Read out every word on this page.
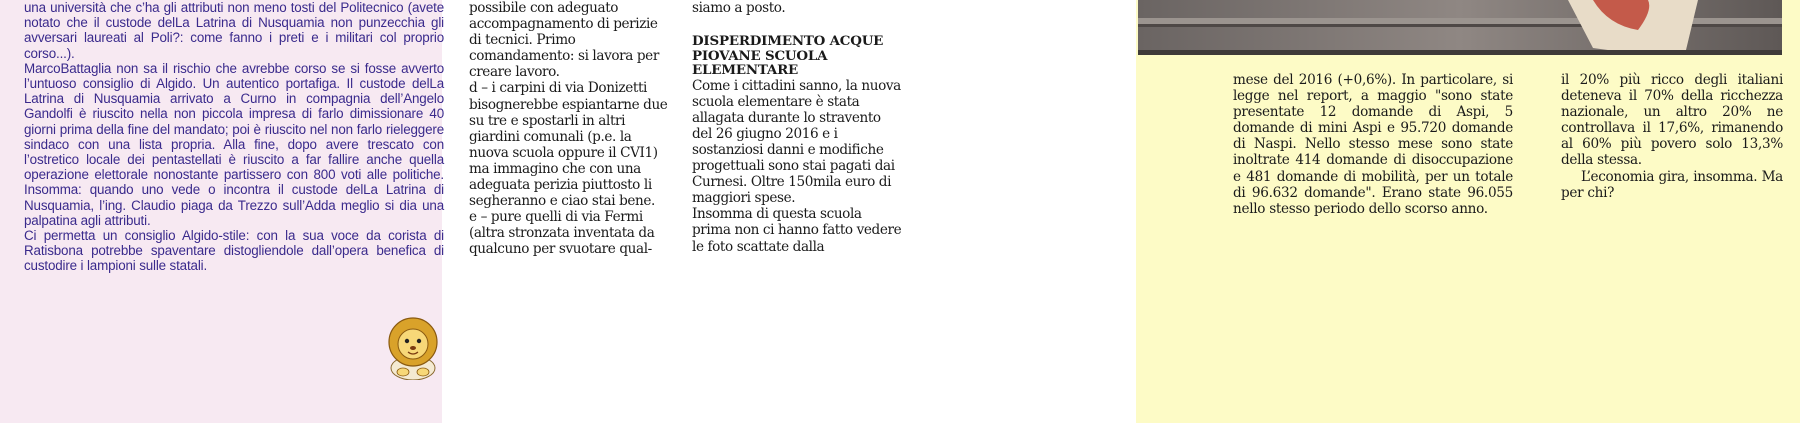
una università che c’ha gli attributi non meno tosti del Politecnico (avete notato che il custode delLa Latrina di Nusquamia non punzecchia gli avversari laureati al Poli?: come fanno i preti e i militari col proprio corso...).

MarcoBattaglia non sa il rischio che avrebbe corso se si fosse avverto l’untuoso consiglio di Algido. Un autentico portafiga. Il custode delLa Latrina di Nusquamia arrivato a Curno in compagnia dell’Angelo Gandolfi è riuscito nella non piccola impresa di farlo dimissionare 40 giorni prima della fine del mandato; poi è riuscito nel non farlo rieleggere sindaco con una lista propria. Alla fine, dopo avere trescato con l’ostretico locale dei pentastellati è riuscito a far fallire anche quella operazione elettorale nonostante partissero con 800 voti alle politiche. Insomma: quando uno vede o incontra il custode delLa Latrina di Nusquamia, l’ing. Claudio piaga da Trezzo sull’Adda meglio si dia una palpatina agli attributi.

Ci permetta un consiglio Algido-stile: con la sua voce da corista di Ratisbona potrebbe spaventare distogliendole dall’opera benefica di custodire i lampioni sulle statali.

possibile con adeguato accompagnamento di perizie di tecnici. Primo comandamento: si lavora per creare lavoro.

d – i carpini di via Donizetti bisognerebbe espiantarne due su tre e spostarli in altri giardini comunali (p.e. la nuova scuola oppure il CVI1) ma immagino che con una adeguata perizia piuttosto li segheranno e ciao stai bene.

e – pure quelli di via Fermi (altra stronzata inventata da qualcuno per svuotare qual-

siamo a posto.

DISPERDIMENTO ACQUE PIOVANE SCUOLA ELEMENTARE

Come i cittadini sanno, la nuova scuola elementare è stata allagata durante lo stravento del 26 giugno 2016 e i sostanziosi danni e modifiche progettuali sono stai pagati dai Curnesi. Oltre 150mila euro di maggiori spese.

Insomma di questa scuola prima non ci hanno fatto vedere le foto scattate dalla

mese del 2016 (+0,6%). In particolare, si legge nel report, a maggio "sono state presentate 12 domande di Aspi, 5 domande di mini Aspi e 95.720 domande di Naspi. Nello stesso mese sono state inoltrate 414 domande di disoccupazione e 481 domande di mobilità, per un totale di 96.632 domande". Erano state 96.055 nello stesso periodo dello scorso anno.

il 20% più ricco degli italiani deteneva il 70% della ricchezza nazionale, un altro 20% ne controllava il 17,6%, rimanendo al 60% più povero solo 13,3% della stessa.

L’economia gira, insomma. Ma per chi?
